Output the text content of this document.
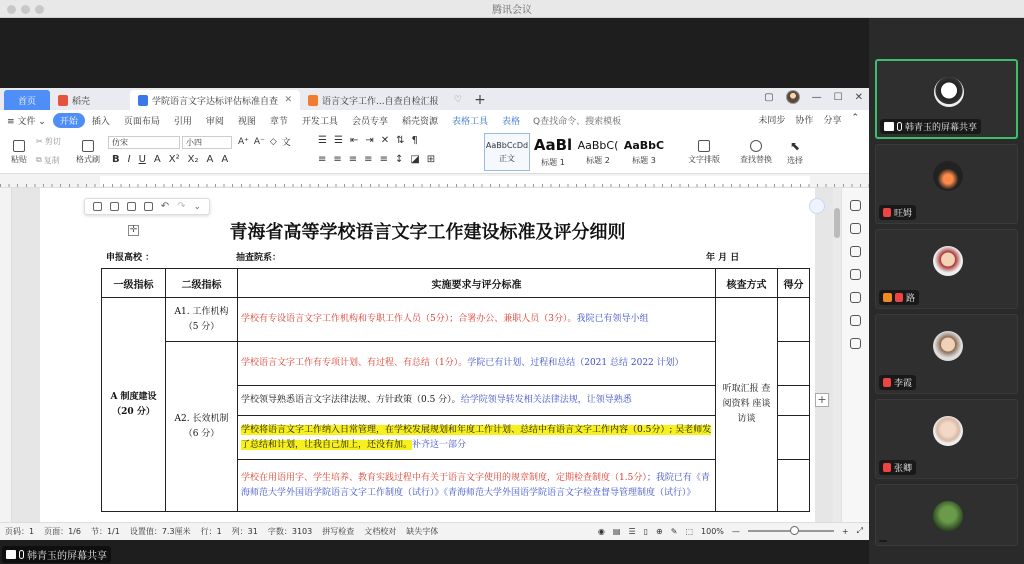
腾讯会议
首页	稻壳	学院语言文字达标评估标准自查 ✕	语言文字工作...自查自检汇报 ♡ +	▢	— ☐ ✕
≡ 文件 ⌄	开始	插入	页面布局	引用	审阅	视图	章节	开发工具	会员专享	稻壳资源	表格工具	表格	Q查找命令、搜索模板	未同步 协作 分享 ⌃
粘贴
✂ 剪切
⧉ 复制 格式刷
仿宋	小四	A⁺ A⁻ ◇ 文
B I U A X² X₂ A A
☰ ☰ ⇤ ⇥ ✕ ⇅ ¶
≡ ≡ ≡ ≡ ≡ ↕ ◪ ⊞
AaBbCcDd
正文
AaBl
标题 1
AaBbC(
标题 2
AaBbC
标题 3	文字排版	查找替换
⬉
选择
↶ ↷ ⌄
✛	青海省高等学校语言文字工作建设标准及评分细则
申报高校 ：	抽查院系：	年 月 日
一级指标	二级指标	实施要求与评分标准	核查方式	得分
A 制度建设（20 分）	A1. 工作机构（5 分）	学校有专设语言文字工作机构和专职工作人员（5分）；合署办公、兼职人员（3分）。我院已有领导小组	听取汇报 查阅资料 座谈访谈	
	A2. 长效机制（6 分）	学校语言文字工作有专项计划、有过程、有总结（1分）。学院已有计划、过程和总结（2021 总结 2022 计划）		
		学校领导熟悉语言文字法律法规、方针政策（0.5 分）。给学院领导转发相关法律法规，让领导熟悉		
		学校将语言文字工作纳入日常管理，在学校发展规划和年度工作计划、总结中有语言文字工作内容（0.5分）; 吴老师发了总结和计划，让我自己加上，还没有加。补齐这一部分		
		学校在用语用字、学生培养、教育实践过程中有关于语言文字使用的规章制度，定期检查制度（1.5分）；我院已有《青海师范大学外国语学院语言文字工作制度（试行）》《青海师范大学外国语学院语言文字检查督导管理制度（试行）》		
+
页码：1	页面：1/6	节：1/1	设置值：7.3厘米	行：1	列：31	字数：3103	拼写检查	文档校对	缺失字体	◉ ▤ ☰ ▯ ⊕ ✎ ⬚ 100% —	+ ⤢
韩青玉的屏幕共享
韩青玉的屏幕共享
旺姆
路
李霞
张卿
